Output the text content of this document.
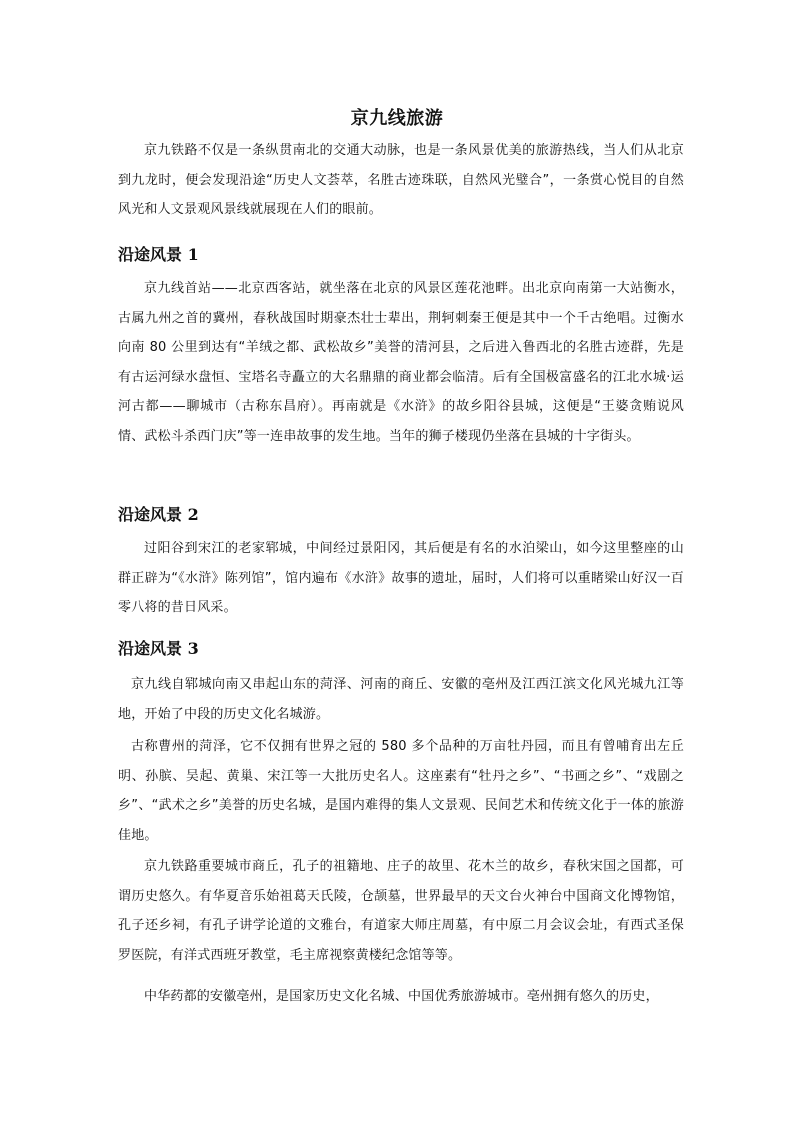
京九线旅游
京九铁路不仅是一条纵贯南北的交通大动脉，也是一条风景优美的旅游热线，当人们从北京到九龙时，便会发现沿途“历史人文荟萃，名胜古迹珠联，自然风光璧合”，一条赏心悦目的自然风光和人文景观风景线就展现在人们的眼前。
沿途风景 1
京九线首站——北京西客站，就坐落在北京的风景区莲花池畔。出北京向南第一大站衡水，古属九州之首的冀州，春秋战国时期豪杰壮士辈出，荆轲刺秦王便是其中一个千古绝唱。过衡水向南 80 公里到达有“羊绒之都、武松故乡”美誉的清河县，之后进入鲁西北的名胜古迹群，先是有古运河绿水盘恒、宝塔名寺矗立的大名鼎鼎的商业都会临清。后有全国极富盛名的江北水城·运河古都——聊城市（古称东昌府）。再南就是《水浒》的故乡阳谷县城，这便是“王婆贪贿说风情、武松斗杀西门庆”等一连串故事的发生地。当年的狮子楼现仍坐落在县城的十字街头。
沿途风景 2
过阳谷到宋江的老家郓城，中间经过景阳冈，其后便是有名的水泊梁山，如今这里整座的山群正辟为“《水浒》陈列馆”，馆内遍布《水浒》故事的遗址，届时，人们将可以重睹梁山好汉一百零八将的昔日风采。
沿途风景 3
京九线自郓城向南又串起山东的菏泽、河南的商丘、安徽的亳州及江西江滨文化风光城九江等地，开始了中段的历史文化名城游。
古称曹州的菏泽，它不仅拥有世界之冠的 580 多个品种的万亩牡丹园，而且有曾哺育出左丘明、孙膑、吴起、黄巢、宋江等一大批历史名人。这座素有“牡丹之乡”、“书画之乡”、“戏剧之乡”、“武术之乡”美誉的历史名城，是国内难得的集人文景观、民间艺术和传统文化于一体的旅游佳地。
京九铁路重要城市商丘，孔子的祖籍地、庄子的故里、花木兰的故乡，春秋宋国之国都，可谓历史悠久。有华夏音乐始祖葛天氏陵，仓颉墓，世界最早的天文台火神台中国商文化博物馆，孔子还乡祠，有孔子讲学论道的文雅台，有道家大师庄周墓，有中原二月会议会址，有西式圣保罗医院，有洋式西班牙教堂，毛主席视察黄楼纪念馆等等。
中华药都的安徽亳州，是国家历史文化名城、中国优秀旅游城市。亳州拥有悠久的历史，
